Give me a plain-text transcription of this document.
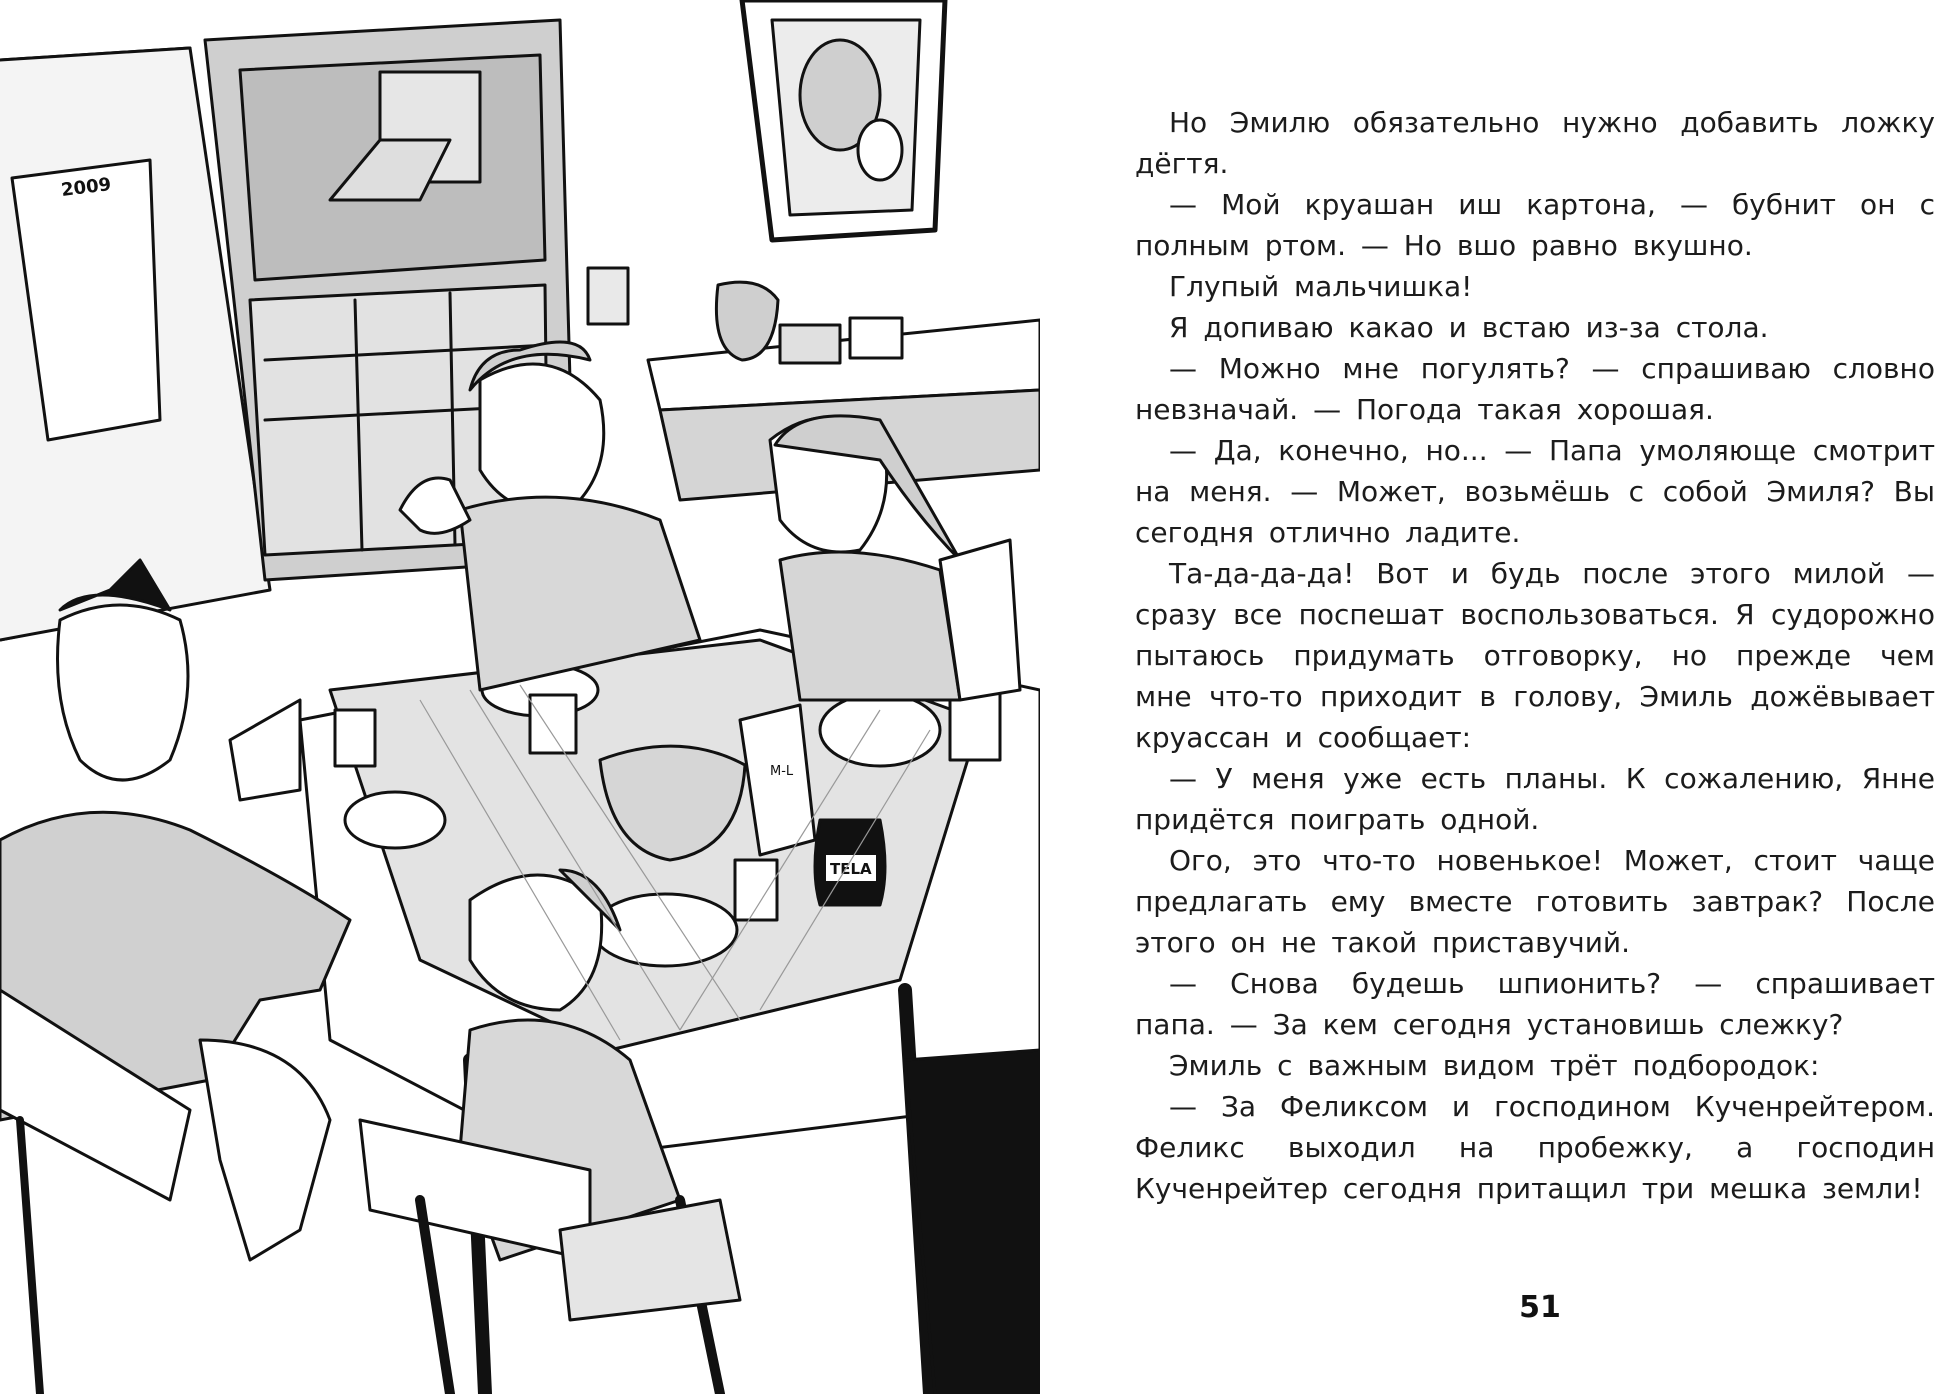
M-L
TELA
2009

Но Эмилю обязательно нужно добавить ложку дёгтя.

— Мой круашан иш картона, — бубнит он с полным ртом. — Но вшо равно вкушно.

Глупый мальчишка!

Я допиваю какао и встаю из-за стола.

— Можно мне погулять? — спрашиваю словно невзначай. — Погода такая хорошая.

— Да, конечно, но... — Папа умоляюще смотрит на меня. — Может, возьмёшь с собой Эмиля? Вы сегодня отлично ладите.

Та-да-да-да! Вот и будь после этого милой — сразу все поспешат воспользоваться. Я судорожно пытаюсь придумать отговорку, но прежде чем мне что-то приходит в голову, Эмиль дожёвывает круассан и сообщает:

— У меня уже есть планы. К сожалению, Янне придётся поиграть одной.

Ого, это что-то новенькое! Может, стоит чаще предлагать ему вместе готовить завтрак? После этого он не такой приставучий.

— Снова будешь шпионить? — спрашивает папа. — За кем сегодня установишь слежку?

Эмиль с важным видом трёт подбородок:

— За Феликсом и господином Кученрейтером. Феликс выходил на пробежку, а господин Кученрейтер сегодня притащил три мешка земли!

51
